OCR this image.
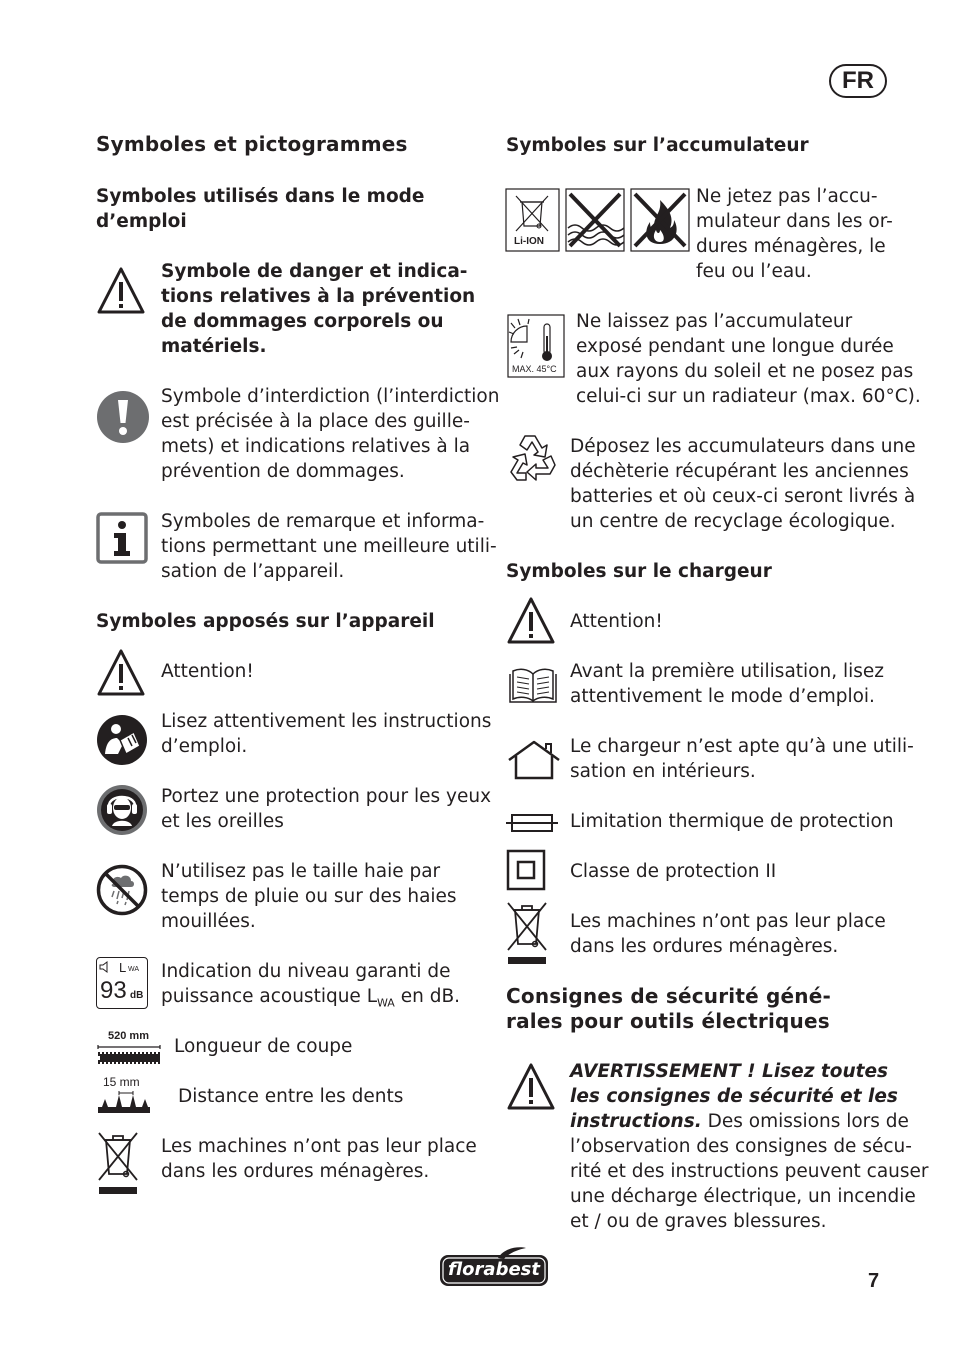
FR
Symboles et pictogrammes
Symboles utilisés dans le mode d’emploi
Symbole de danger et indica-
tions relatives à la prévention
de dommages corporels ou
matériels.
Symbole d’interdiction (l’interdiction
est précisée à la place des guille-
mets) et indications relatives à la
prévention de dommages.
Symboles de remarque et informa-
tions permettant une meilleure utili-
sation de l’appareil.
Symboles apposés sur l’appareil
Attention!
Lisez attentivement les instructions
d’emploi.
Portez une protection pour les yeux
et les oreilles
N’utilisez pas le taille haie par
temps de pluie ou sur des haies
mouillées.
L WA
93 dB
Indication du niveau garanti de
puissance acoustique $L_{WA}$ en dB.
520 mm Longueur de coupe
15 mm
Distance entre les dents
Les machines n’ont pas leur place
dans les ordures ménagères.
Symboles sur l’accumulateur
Li-ION
Ne jetez pas l’accu-
mulateur dans les or-
dures ménagères, le
feu ou l’eau.
MAX. 45°C
Ne laissez pas l’accumulateur
exposé pendant une longue durée
aux rayons du soleil et ne posez pas
celui-ci sur un radiateur (max. 60°C).
Déposez les accumulateurs dans une
déchèterie récupérant les anciennes
batteries et où ceux-ci seront livrés à
un centre de recyclage écologique.
Symboles sur le chargeur
Attention!
Avant la première utilisation, lisez
attentivement le mode d’emploi.
Le chargeur n’est apte qu’à une utili-
sation en intérieurs.
Limitation thermique de protection
Classe de protection II
Les machines n’ont pas leur place
dans les ordures ménagères.
Consignes de sécurité géné-
rales pour outils électriques
AVERTISSEMENT ! Lisez toutes
les consignes de sécurité et les
instructions. Des omissions lors de
l’observation des consignes de sécu-
rité et des instructions peuvent causer
une décharge électrique, un incendie
et / ou de graves blessures.
florabest
7
